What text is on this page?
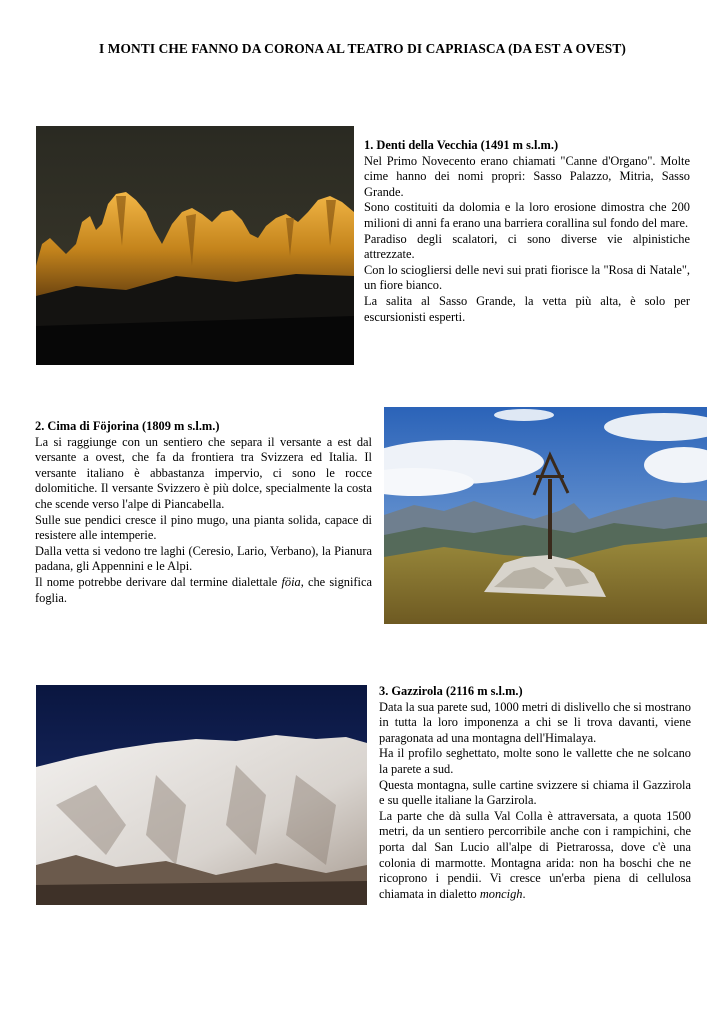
I MONTI CHE FANNO DA CORONA AL TEATRO DI CAPRIASCA (DA EST A OVEST)

1. Denti della Vecchia (1491 m s.l.m.)

Nel Primo Novecento erano chiamati "Canne d'Organo". Molte cime hanno dei nomi propri: Sasso Palazzo, Mitria, Sasso Grande.

Sono costituiti da dolomia e la loro erosione dimostra che 200 milioni di anni fa erano una barriera corallina sul fondo del mare.

Paradiso degli scalatori, ci sono diverse vie alpinistiche attrezzate.

Con lo sciogliersi delle nevi sui prati fiorisce la "Rosa di Natale", un fiore bianco.

La salita al Sasso Grande, la vetta più alta, è solo per escursionisti esperti.

2. Cima di Föjorina (1809 m s.l.m.)

La si raggiunge con un sentiero che separa il versante a est dal versante a ovest, che fa da frontiera tra Svizzera ed Italia. Il versante italiano è abbastanza impervio, ci sono le rocce dolomitiche. Il versante Svizzero è più dolce, specialmente la costa che scende verso l'alpe di Piancabella.

Sulle sue pendici cresce il pino mugo, una pianta solida, capace di resistere alle intemperie.

Dalla vetta si vedono tre laghi (Ceresio, Lario, Verbano), la Pianura padana, gli Appennini e le Alpi.

Il nome potrebbe derivare dal termine dialettale föia, che significa foglia.

3. Gazzirola (2116 m s.l.m.)

Data la sua parete sud, 1000 metri di dislivello che si mostrano in tutta la loro imponenza a chi se li trova davanti, viene paragonata ad una montagna dell'Himalaya.

Ha il profilo seghettato, molte sono le vallette che ne solcano la parete a sud.

Questa montagna, sulle cartine svizzere si chiama il Gazzirola e su quelle italiane la Garzirola.

La parte che dà sulla Val Colla è attraversata, a quota 1500 metri, da un sentiero percorribile anche con i rampichini, che porta dal San Lucio all'alpe di Pietrarossa, dove c'è una colonia di marmotte. Montagna arida: non ha boschi che ne ricoprono i pendii. Vi cresce un'erba piena di cellulosa chiamata in dialetto moncigh.
